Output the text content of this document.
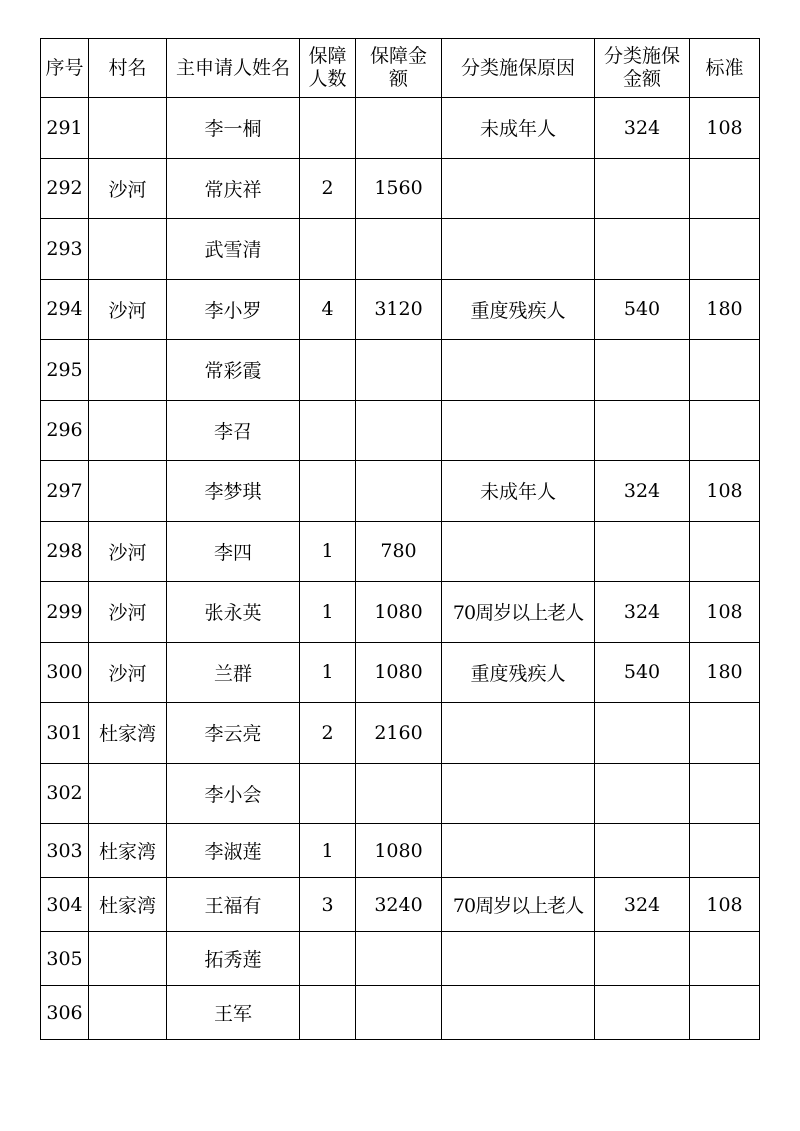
序号	村名	主申请人姓名	保障人数	保障金额	分类施保原因	分类施保金额	标准
291		李一桐			未成年人	324	108
292	沙河	常庆祥	2	1560			
293		武雪清					
294	沙河	李小罗	4	3120	重度残疾人	540	180
295		常彩霞					
296		李召					
297		李梦琪			未成年人	324	108
298	沙河	李四	1	780			
299	沙河	张永英	1	1080	70周岁以上老人	324	108
300	沙河	兰群	1	1080	重度残疾人	540	180
301	杜家湾	李云亮	2	2160			
302		李小会					
303	杜家湾	李淑莲	1	1080			
304	杜家湾	王福有	3	3240	70周岁以上老人	324	108
305		拓秀莲					
306		王军					
